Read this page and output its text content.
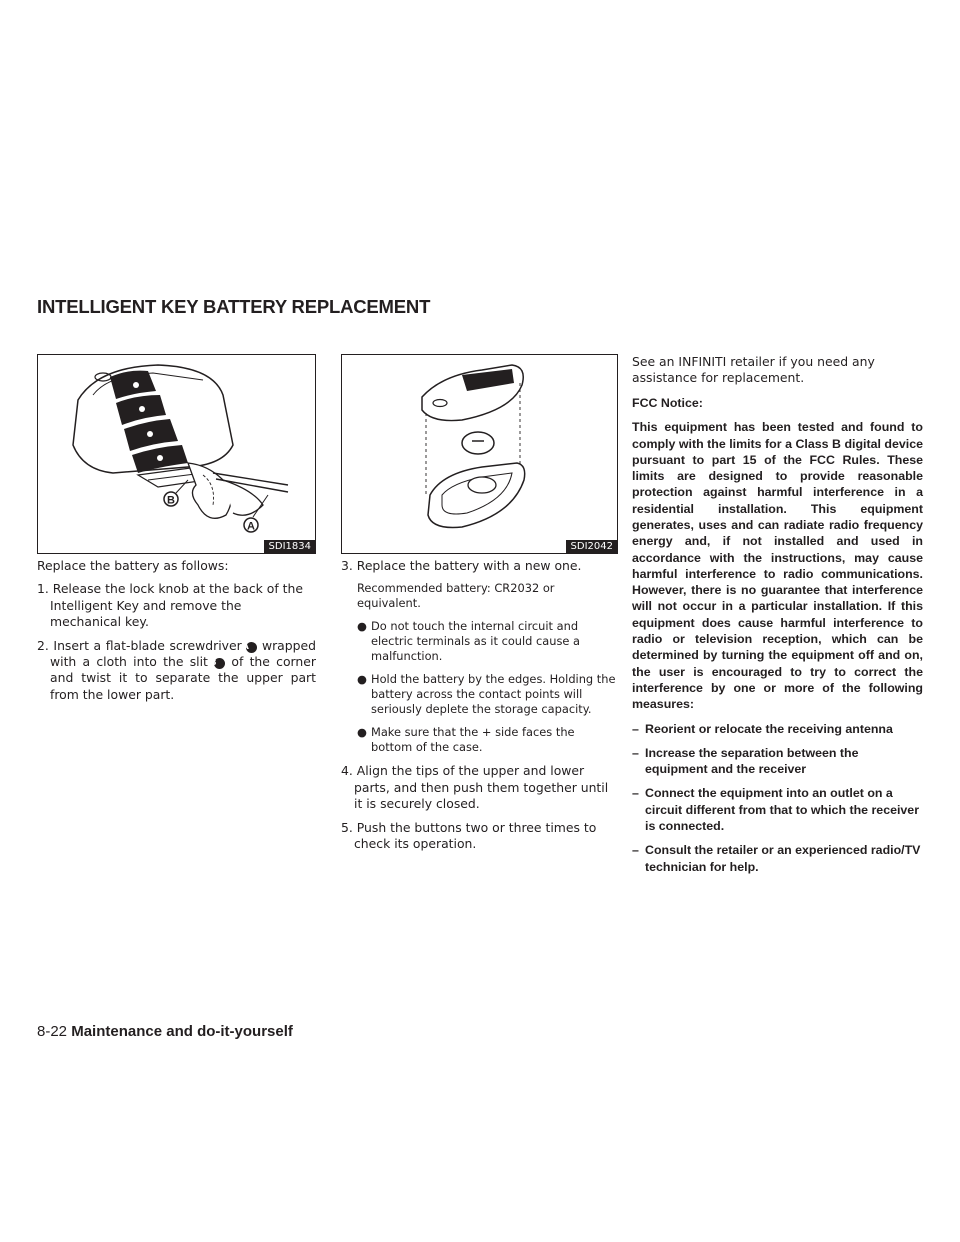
INTELLIGENT KEY BATTERY REPLACEMENT
B
A
SDI1834	SDI2042

Replace the battery as follows:

1. Release the lock knob at the back of the Intelligent Key and remove the mechanical key.

2. Insert a flat-blade screwdriver A wrapped with a cloth into the slit B of the corner and twist it to separate the upper part from the lower part.

3. Replace the battery with a new one.

Recommended battery: CR2032 or equivalent.

● Do not touch the internal circuit and electric terminals as it could cause a malfunction.
● Hold the battery by the edges. Holding the battery across the contact points will seriously deplete the storage capacity.
● Make sure that the + side faces the bottom of the case.

4. Align the tips of the upper and lower parts, and then push them together until it is securely closed.

5. Push the buttons two or three times to check its operation.

See an INFINITI retailer if you need any assistance for replacement.

FCC Notice:

This equipment has been tested and found to comply with the limits for a Class B digital device pursuant to part 15 of the FCC Rules. These limits are designed to provide reasonable protection against harmful interference in a residential installation. This equipment generates, uses and can radiate radio frequency energy and, if not installed and used in accordance with the instructions, may cause harmful interference to radio communications. However, there is no guarantee that interference will not occur in a particular installation. If this equipment does cause harmful interference to radio or television reception, which can be determined by turning the equipment off and on, the user is encouraged to try to correct the interference by one or more of the following measures:

– Reorient or relocate the receiving antenna
– Increase the separation between the equipment and the receiver
– Connect the equipment into an outlet on a circuit different from that to which the receiver is connected.
– Consult the retailer or an experienced radio/TV technician for help.
8-22 Maintenance and do-it-yourself
